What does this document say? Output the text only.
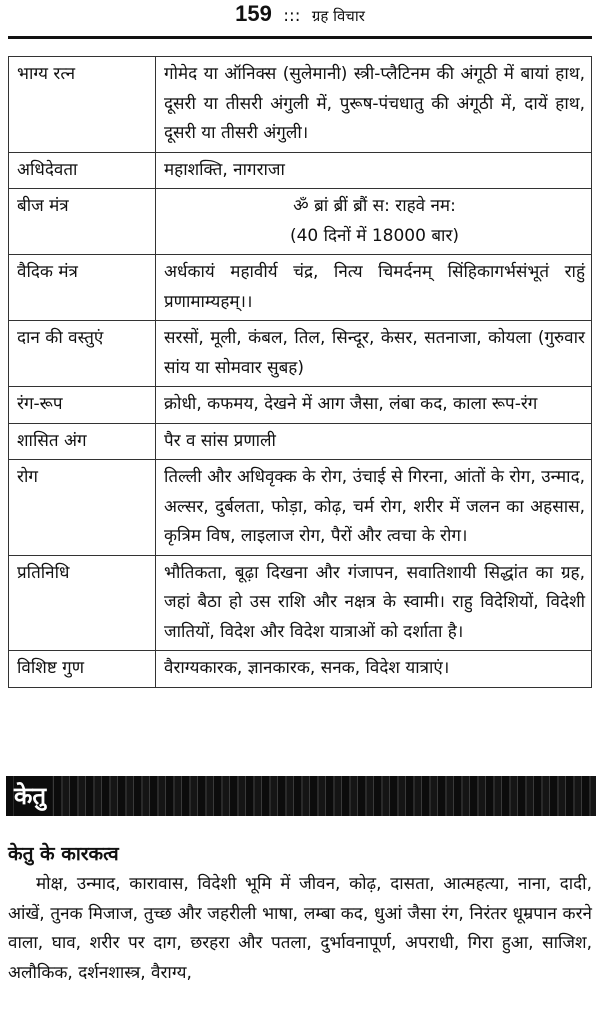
159 ::: ग्रह विचार
भाग्य रत्न	गोमेद या ऑनिक्स (सुलेमानी) स्त्री-प्लैटिनम की अंगूठी में बायां हाथ, दूसरी या तीसरी अंगुली में, पुरूष-पंचधातु की अंगूठी में, दायें हाथ, दूसरी या तीसरी अंगुली।
अधिदेवता	महाशक्ति, नागराजा
बीज मंत्र	ॐ ब्रां ब्रीं ब्रौं स: राहवे नम:
(40 दिनों में 18000 बार)

वैदिक मंत्र	अर्धकायं महावीर्य चंद्र, नित्य चिमर्दनम् सिंहिकागर्भसंभूतं राहुं प्रणामाम्यहम्।।
दान की वस्तुएं	सरसों, मूली, कंबल, तिल, सिन्दूर, केसर, सतनाजा, कोयला (गुरुवार सांय या सोमवार सुबह)
रंग-रूप	क्रोधी, कफमय, देखने में आग जैसा, लंबा कद, काला रूप-रंग
शासित अंग	पैर व सांस प्रणाली
रोग	तिल्ली और अधिवृक्क के रोग, उंचाई से गिरना, आंतों के रोग, उन्माद, अल्सर, दुर्बलता, फोड़ा, कोढ़, चर्म रोग, शरीर में जलन का अहसास, कृत्रिम विष, लाइलाज रोग, पैरों और त्वचा के रोग।
प्रतिनिधि	भौतिकता, बूढ़ा दिखना और गंजापन, सवातिशायी सिद्धांत का ग्रह, जहां बैठा हो उस राशि और नक्षत्र के स्वामी। राहु विदेशियों, विदेशी जातियों, विदेश और विदेश यात्राओं को दर्शाता है।
विशिष्ट गुण	वैराग्यकारक, ज्ञानकारक, सनक, विदेश यात्राएं।
केतु
केतु के कारकत्व
मोक्ष, उन्माद, कारावास, विदेशी भूमि में जीवन, कोढ़, दासता, आत्महत्या, नाना, दादी, आंखें, तुनक मिजाज, तुच्छ और जहरीली भाषा, लम्बा कद, धुआं जैसा रंग, निरंतर धूम्रपान करने वाला, घाव, शरीर पर दाग, छरहरा और पतला, दुर्भावनापूर्ण, अपराधी, गिरा हुआ, साजिश, अलौकिक, दर्शनशास्त्र, वैराग्य,
